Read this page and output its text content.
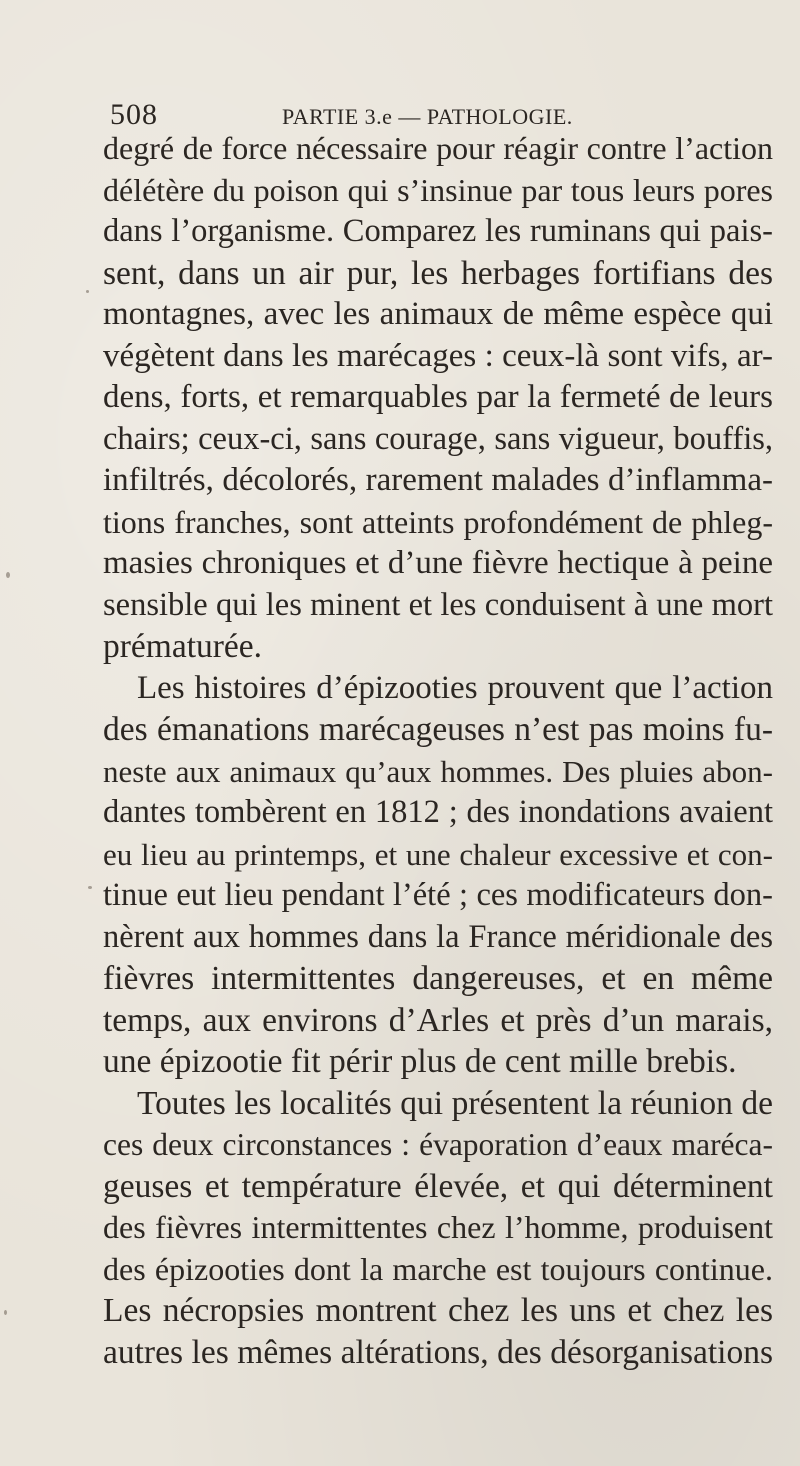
508	PARTIE 3.e — PATHOLOGIE.
degré de force nécessaire pour réagir contre l’action
délétère du poison qui s’insinue par tous leurs pores
dans l’organisme. Comparez les ruminans qui pais-
sent, dans un air pur, les herbages fortifians des
montagnes, avec les animaux de même espèce qui
végètent dans les marécages : ceux-là sont vifs, ar-
dens, forts, et remarquables par la fermeté de leurs
chairs; ceux-ci, sans courage, sans vigueur, bouffis,
infiltrés, décolorés, rarement malades d’inflamma-
tions franches, sont atteints profondément de phleg-
masies chroniques et d’une fièvre hectique à peine
sensible qui les minent et les conduisent à une mort
prématurée.
Les histoires d’épizooties prouvent que l’action
des émanations marécageuses n’est pas moins fu-
neste aux animaux qu’aux hommes. Des pluies abon-
dantes tombèrent en 1812 ; des inondations avaient
eu lieu au printemps, et une chaleur excessive et con-
tinue eut lieu pendant l’été ; ces modificateurs don-
nèrent aux hommes dans la France méridionale des
fièvres intermittentes dangereuses, et en même
temps, aux environs d’Arles et près d’un marais,
une épizootie fit périr plus de cent mille brebis.
Toutes les localités qui présentent la réunion de
ces deux circonstances : évaporation d’eaux maréca-
geuses et température élevée, et qui déterminent
des fièvres intermittentes chez l’homme, produisent
des épizooties dont la marche est toujours continue.
Les nécropsies montrent chez les uns et chez les
autres les mêmes altérations, des désorganisations
